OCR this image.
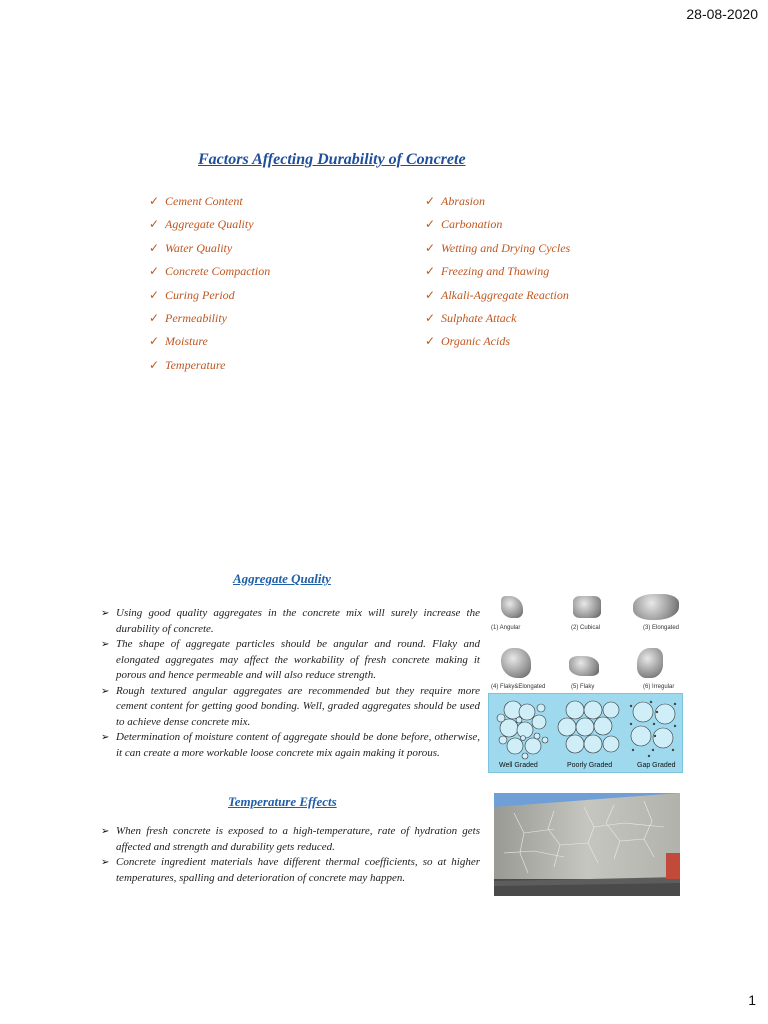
28-08-2020
Factors Affecting Durability of Concrete
✓ Cement Content
✓ Aggregate Quality
✓ Water Quality
✓ Concrete Compaction
✓ Curing Period
✓ Permeability
✓ Moisture
✓ Temperature
✓ Abrasion
✓ Carbonation
✓ Wetting and Drying Cycles
✓ Freezing and Thawing
✓ Alkali-Aggregate Reaction
✓ Sulphate Attack
✓ Organic Acids
Aggregate Quality
➢ Using good quality aggregates in the concrete mix will surely increase the durability of concrete.
➢ The shape of aggregate particles should be angular and round. Flaky and elongated aggregates may affect the workability of fresh concrete making it porous and hence permeable and will also reduce strength.
➢ Rough textured angular aggregates are recommended but they require more cement content for getting good bonding. Well, graded aggregates should be used to achieve dense concrete mix.
➢ Determination of moisture content of aggregate should be done before, otherwise, it can create a more workable loose concrete mix again making it porous.
(1) Angular	(2) Cubical	(3) Elongated
(4) Flaky&Elongated	(5) Flaky	(6) Irregular
Well Graded	Poorly Graded	Gap Graded
Temperature Effects
➢ When fresh concrete is exposed to a high-temperature, rate of hydration gets affected and strength and durability gets reduced.
➢ Concrete ingredient materials have different thermal coefficients, so at higher temperatures, spalling and deterioration of concrete may happen.
1
